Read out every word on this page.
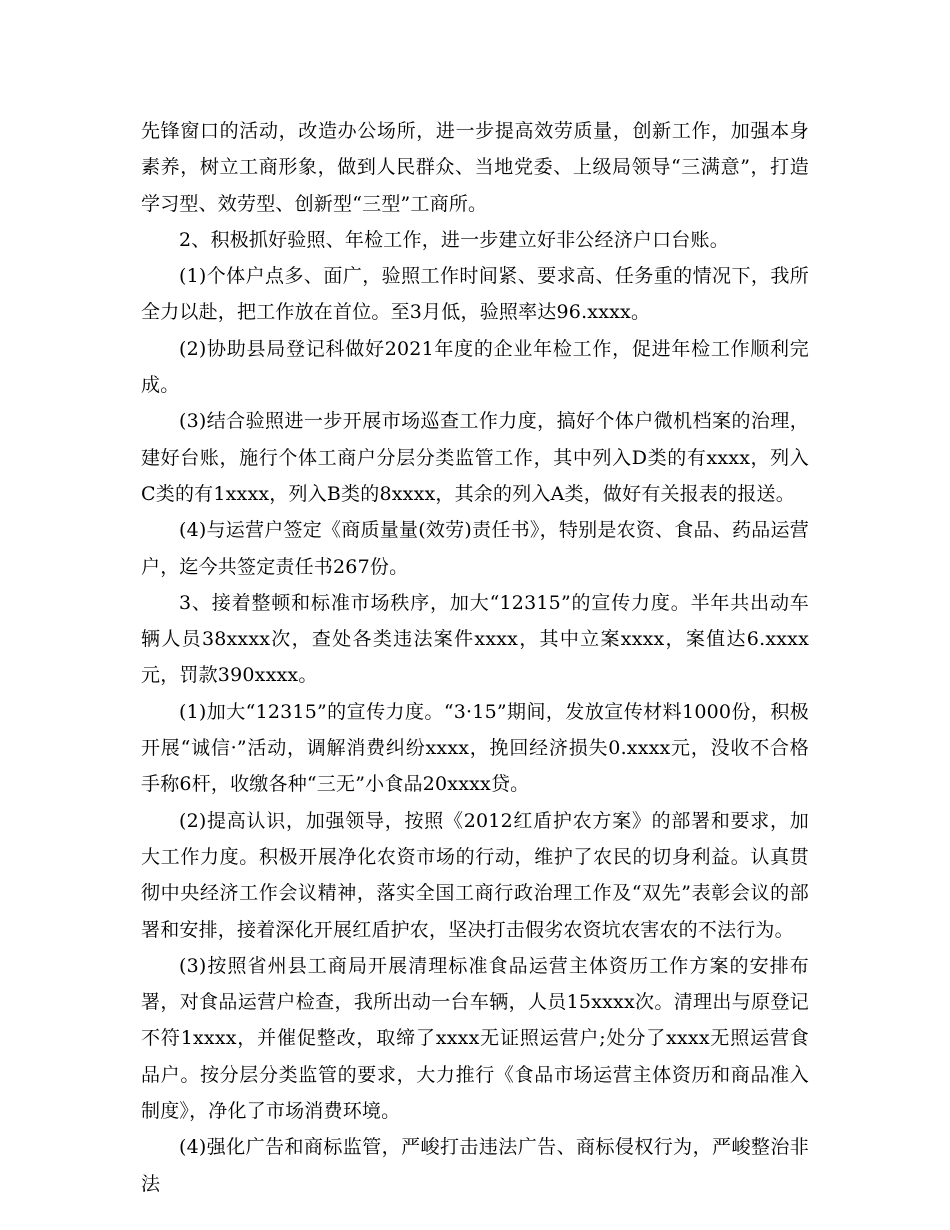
先锋窗口的活动，改造办公场所，进一步提高效劳质量，创新工作，加强本身素养，树立工商形象，做到人民群众、当地党委、上级局领导“三满意”，打造学习型、效劳型、创新型“三型”工商所。

2、积极抓好验照、年检工作，进一步建立好非公经济户口台账。

(1)个体户点多、面广，验照工作时间紧、要求高、任务重的情况下，我所全力以赴，把工作放在首位。至3月低，验照率达96.xxxx。

(2)协助县局登记科做好2021年度的企业年检工作，促进年检工作顺利完成。

(3)结合验照进一步开展市场巡查工作力度，搞好个体户微机档案的治理，建好台账，施行个体工商户分层分类监管工作，其中列入D类的有xxxx，列入C类的有1xxxx，列入B类的8xxxx，其余的列入A类，做好有关报表的报送。

(4)与运营户签定《商质量量(效劳)责任书》，特别是农资、食品、药品运营户，迄今共签定责任书267份。

3、接着整顿和标准市场秩序，加大“12315”的宣传力度。半年共出动车辆人员38xxxx次，查处各类违法案件xxxx，其中立案xxxx，案值达6.xxxx元，罚款390xxxx。

(1)加大“12315”的宣传力度。“3·15”期间，发放宣传材料1000份，积极开展“诚信·”活动，调解消费纠纷xxxx，挽回经济损失0.xxxx元，没收不合格手称6杆，收缴各种“三无”小食品20xxxx贷。

(2)提高认识，加强领导，按照《2012红盾护农方案》的部署和要求，加大工作力度。积极开展净化农资市场的行动，维护了农民的切身利益。认真贯彻中央经济工作会议精神，落实全国工商行政治理工作及“双先”表彰会议的部署和安排，接着深化开展红盾护农，坚决打击假劣农资坑农害农的不法行为。

(3)按照省州县工商局开展清理标准食品运营主体资历工作方案的安排布署，对食品运营户检查，我所出动一台车辆，人员15xxxx次。清理出与原登记不符1xxxx，并催促整改，取缔了xxxx无证照运营户;处分了xxxx无照运营食品户。按分层分类监管的要求，大力推行《食品市场运营主体资历和商品准入制度》，净化了市场消费环境。

(4)强化广告和商标监管，严峻打击违法广告、商标侵权行为，严峻整治非法
